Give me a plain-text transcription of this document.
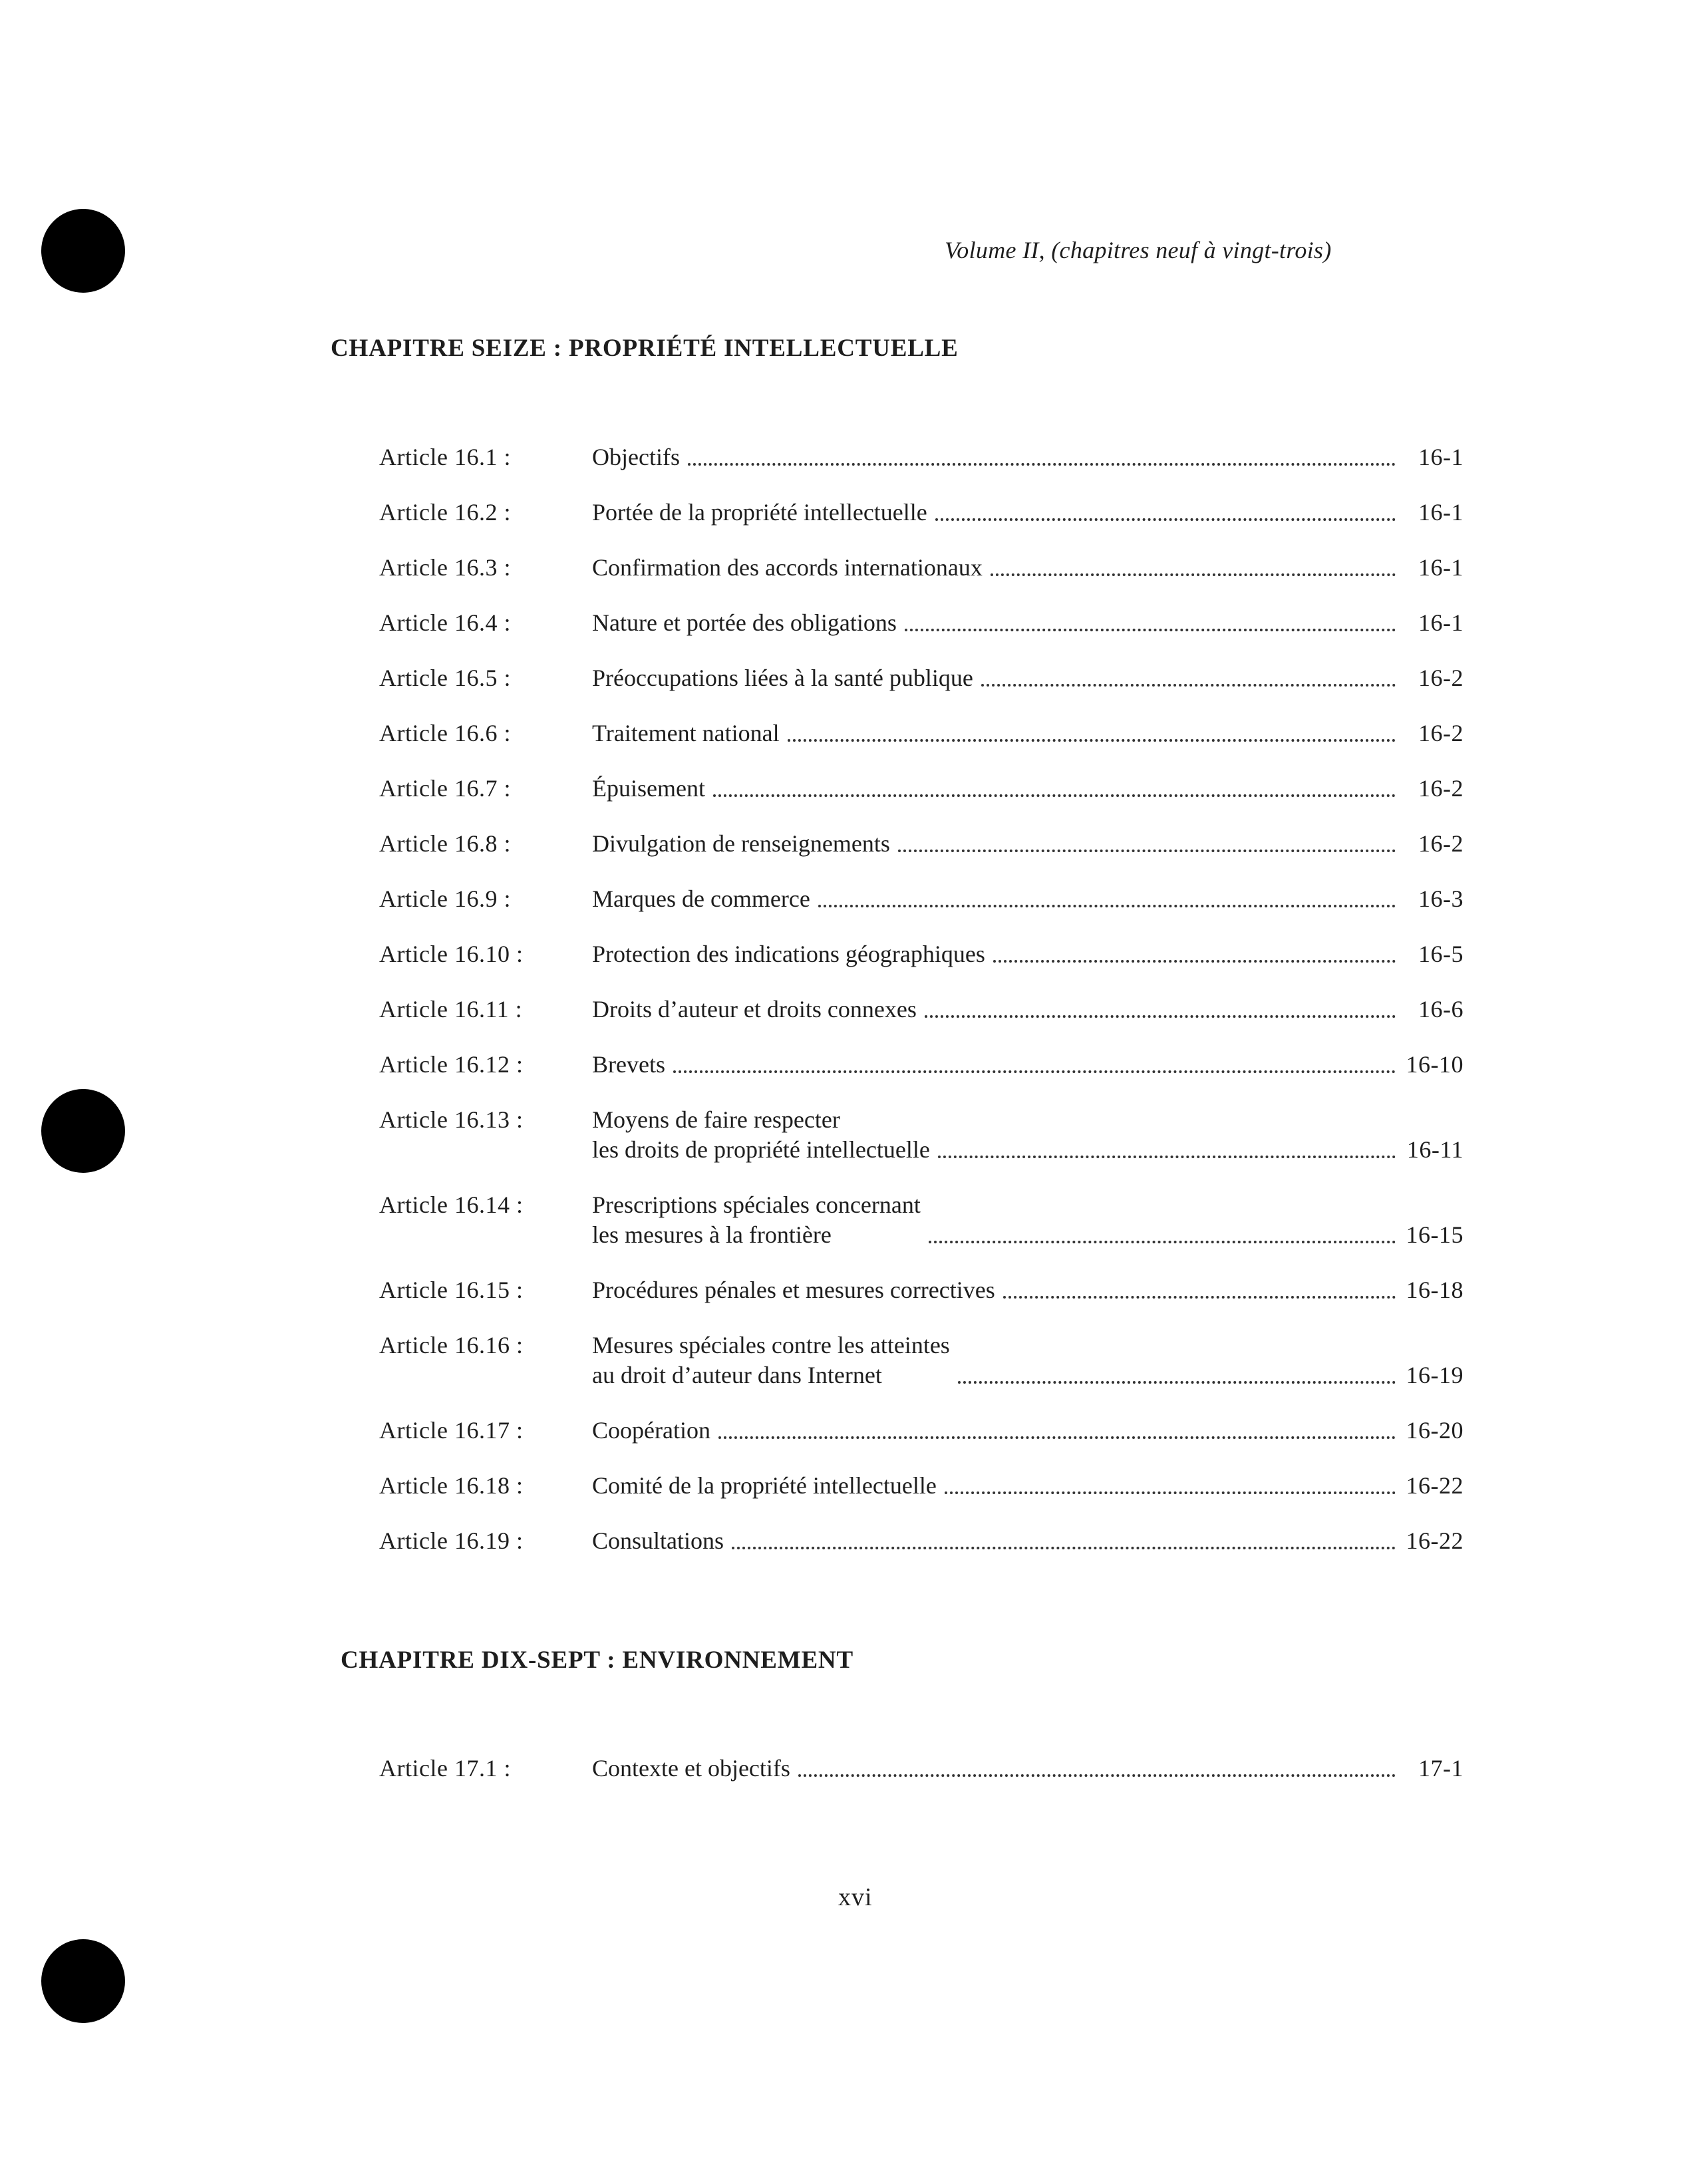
Volume II, (chapitres neuf à vingt-trois)
CHAPITRE SEIZE : PROPRIÉTÉ INTELLECTUELLE
Article 16.1 :	Objectifs	16-1
Article 16.2 :	Portée de la propriété intellectuelle	16-1
Article 16.3 :	Confirmation des accords internationaux	16-1
Article 16.4 :	Nature et portée des obligations	16-1
Article 16.5 :	Préoccupations liées à la santé publique	16-2
Article 16.6 :	Traitement national	16-2
Article 16.7 :	Épuisement	16-2
Article 16.8 :	Divulgation de renseignements	16-2
Article 16.9 :	Marques de commerce	16-3
Article 16.10 :	Protection des indications géographiques	16-5
Article 16.11 :	Droits d’auteur et droits connexes	16-6
Article 16.12 :	Brevets	16-10
Article 16.13 :	Moyens de faire respecter
les droits de propriété intellectuelle	16-11
Article 16.14 :	Prescriptions spéciales concernant
les mesures à la frontière	16-15
Article 16.15 :	Procédures pénales et mesures correctives	16-18
Article 16.16 :	Mesures spéciales contre les atteintes
au droit d’auteur dans Internet	16-19
Article 16.17 :	Coopération	16-20
Article 16.18 :	Comité de la propriété intellectuelle	16-22
Article 16.19 :	Consultations	16-22
CHAPITRE DIX-SEPT : ENVIRONNEMENT
Article 17.1 :	Contexte et objectifs	17-1
xvi
